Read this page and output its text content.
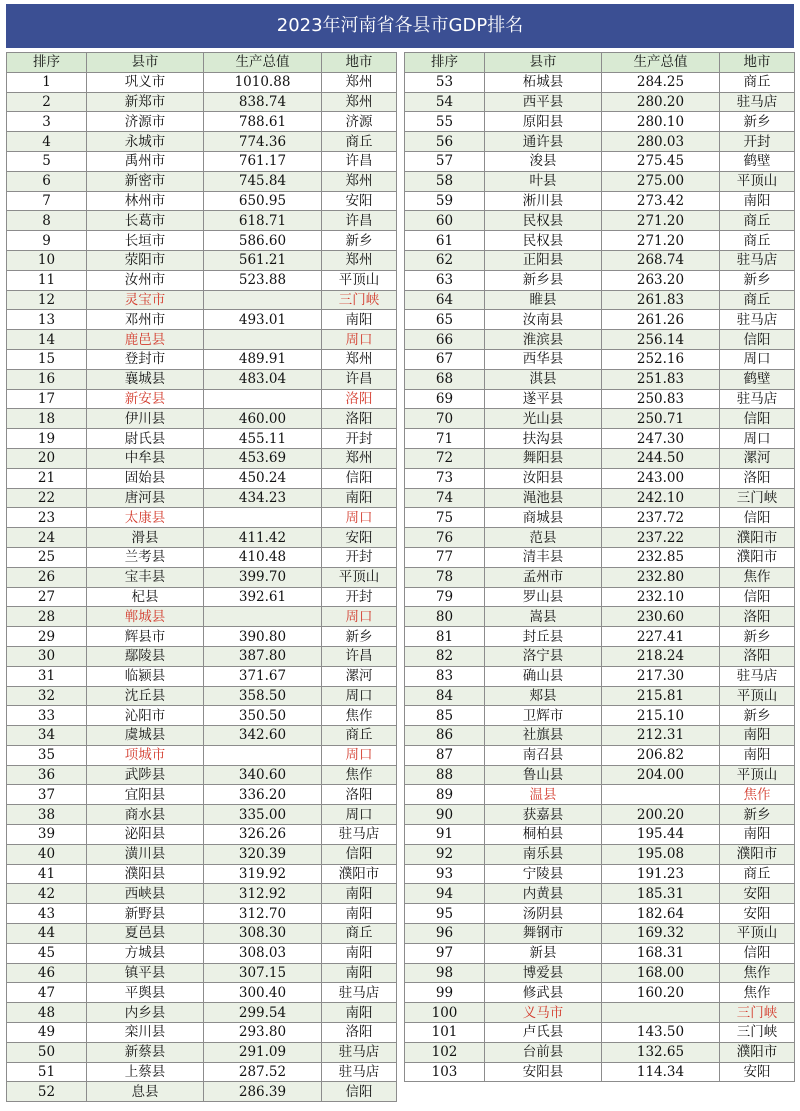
2023年河南省各县市GDP排名
排序	县市	生产总值	地市
1	巩义市	1010.88	郑州
2	新郑市	838.74	郑州
3	济源市	788.61	济源
4	永城市	774.36	商丘
5	禹州市	761.17	许昌
6	新密市	745.84	郑州
7	林州市	650.95	安阳
8	长葛市	618.71	许昌
9	长垣市	586.60	新乡
10	荥阳市	561.21	郑州
11	汝州市	523.88	平顶山
12	灵宝市		三门峡
13	邓州市	493.01	南阳
14	鹿邑县		周口
15	登封市	489.91	郑州
16	襄城县	483.04	许昌
17	新安县		洛阳
18	伊川县	460.00	洛阳
19	尉氏县	455.11	开封
20	中牟县	453.69	郑州
21	固始县	450.24	信阳
22	唐河县	434.23	南阳
23	太康县		周口
24	滑县	411.42	安阳
25	兰考县	410.48	开封
26	宝丰县	399.70	平顶山
27	杞县	392.61	开封
28	郸城县		周口
29	辉县市	390.80	新乡
30	鄢陵县	387.80	许昌
31	临颍县	371.67	漯河
32	沈丘县	358.50	周口
33	沁阳市	350.50	焦作
34	虞城县	342.60	商丘
35	项城市		周口
36	武陟县	340.60	焦作
37	宜阳县	336.20	洛阳
38	商水县	335.00	周口
39	泌阳县	326.26	驻马店
40	潢川县	320.39	信阳
41	濮阳县	319.92	濮阳市
42	西峡县	312.92	南阳
43	新野县	312.70	南阳
44	夏邑县	308.30	商丘
45	方城县	308.03	南阳
46	镇平县	307.15	南阳
47	平舆县	300.40	驻马店
48	内乡县	299.54	南阳
49	栾川县	293.80	洛阳
50	新蔡县	291.09	驻马店
51	上蔡县	287.52	驻马店
52	息县	286.39	信阳
排序	县市	生产总值	地市
53	柘城县	284.25	商丘
54	西平县	280.20	驻马店
55	原阳县	280.10	新乡
56	通许县	280.03	开封
57	浚县	275.45	鹤壁
58	叶县	275.00	平顶山
59	淅川县	273.42	南阳
60	民权县	271.20	商丘
61	民权县	271.20	商丘
62	正阳县	268.74	驻马店
63	新乡县	263.20	新乡
64	睢县	261.83	商丘
65	汝南县	261.26	驻马店
66	淮滨县	256.14	信阳
67	西华县	252.16	周口
68	淇县	251.83	鹤壁
69	遂平县	250.83	驻马店
70	光山县	250.71	信阳
71	扶沟县	247.30	周口
72	舞阳县	244.50	漯河
73	汝阳县	243.00	洛阳
74	渑池县	242.10	三门峡
75	商城县	237.72	信阳
76	范县	237.22	濮阳市
77	清丰县	232.85	濮阳市
78	孟州市	232.80	焦作
79	罗山县	232.10	信阳
80	嵩县	230.60	洛阳
81	封丘县	227.41	新乡
82	洛宁县	218.24	洛阳
83	确山县	217.30	驻马店
84	郏县	215.81	平顶山
85	卫辉市	215.10	新乡
86	社旗县	212.31	南阳
87	南召县	206.82	南阳
88	鲁山县	204.00	平顶山
89	温县		焦作
90	获嘉县	200.20	新乡
91	桐柏县	195.44	南阳
92	南乐县	195.08	濮阳市
93	宁陵县	191.23	商丘
94	内黄县	185.31	安阳
95	汤阴县	182.64	安阳
96	舞钢市	169.32	平顶山
97	新县	168.31	信阳
98	博爱县	168.00	焦作
99	修武县	160.20	焦作
100	义马市		三门峡
101	卢氏县	143.50	三门峡
102	台前县	132.65	濮阳市
103	安阳县	114.34	安阳
